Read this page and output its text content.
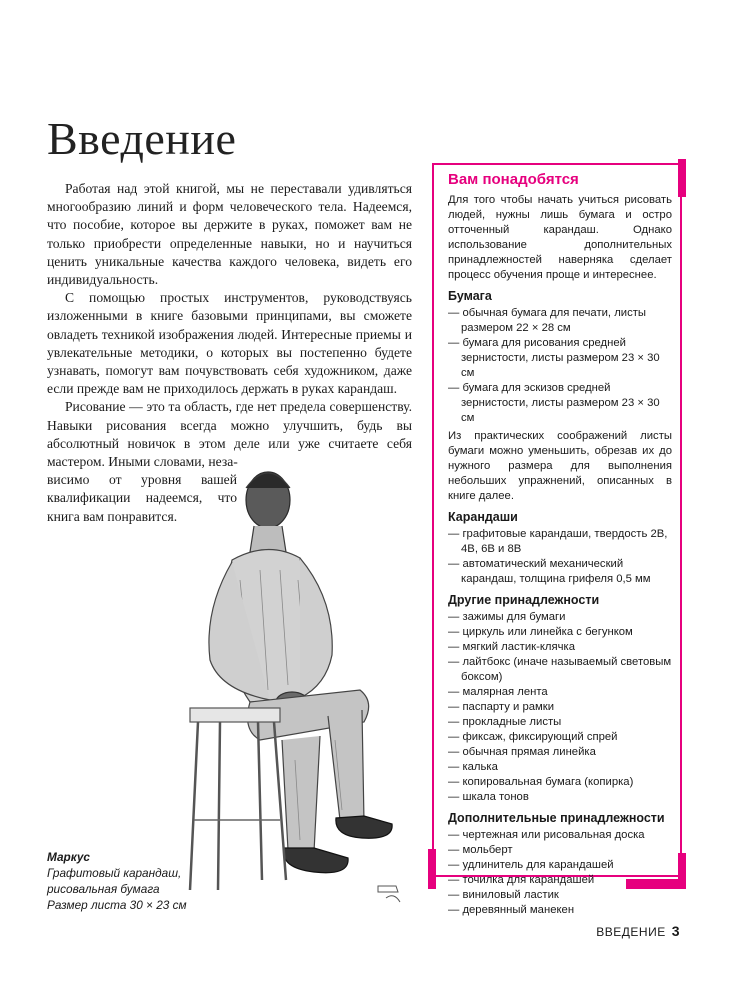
Введение

Работая над этой книгой, мы не переставали удивляться многообразию линий и форм человеческого тела. Надеемся, что пособие, которое вы держите в руках, поможет вам не только приобрести определенные навыки, но и научиться ценить уникальные качества каждого человека, видеть его индивидуальность.

С помощью простых инструментов, руководствуясь изложенными в книге базовыми принципами, вы сможете овладеть техникой изображения людей. Интересные приемы и увлекательные методики, о которых вы постепенно будете узнавать, помогут вам почувствовать себя художником, даже если прежде вам не приходилось держать в руках карандаш.

Рисование — это та область, где нет предела совершенству. Навыки рисования всегда можно улучшить, будь вы абсолютный новичок в этом деле или уже считаете себя мастером. Иными словами, неза-

висимо от уровня вашей квалификации надеемся, что книга вам понравится.

Маркус
Графитовый карандаш,
рисовальная бумага
Размер листа 30 × 23 см
Вам понадобятся

Для того чтобы начать учиться рисовать людей, нужны лишь бумага и остро отточенный карандаш. Однако использование дополнительных принадлежностей наверняка сделает процесс обучения проще и интереснее.

Бумага
— обычная бумага для печати, листы размером 22 × 28 см
— бумага для рисования средней зернистости, листы размером 23 × 30 см
— бумага для эскизов средней зернистости, листы размером 23 × 30 см

Из практических соображений листы бумаги можно уменьшить, обрезав их до нужного размера для выполнения небольших упражнений, описанных в книге далее.

Карандаши
— графитовые карандаши, твердость 2B, 4B, 6B и 8B
— автоматический механический карандаш, толщина грифеля 0,5 мм
Другие принадлежности
— зажимы для бумаги
— циркуль или линейка с бегунком
— мягкий ластик-клячка
— лайтбокс (иначе называемый световым боксом)
— малярная лента
— паспарту и рамки
— прокладные листы
— фиксаж, фиксирующий спрей
— обычная прямая линейка
— калька
— копировальная бумага (копирка)
— шкала тонов
Дополнительные принадлежности
— чертежная или рисовальная доска
— мольберт
— удлинитель для карандашей
— точилка для карандашей
— виниловый ластик
— деревянный манекен
ВВЕДЕНИЕ 3
